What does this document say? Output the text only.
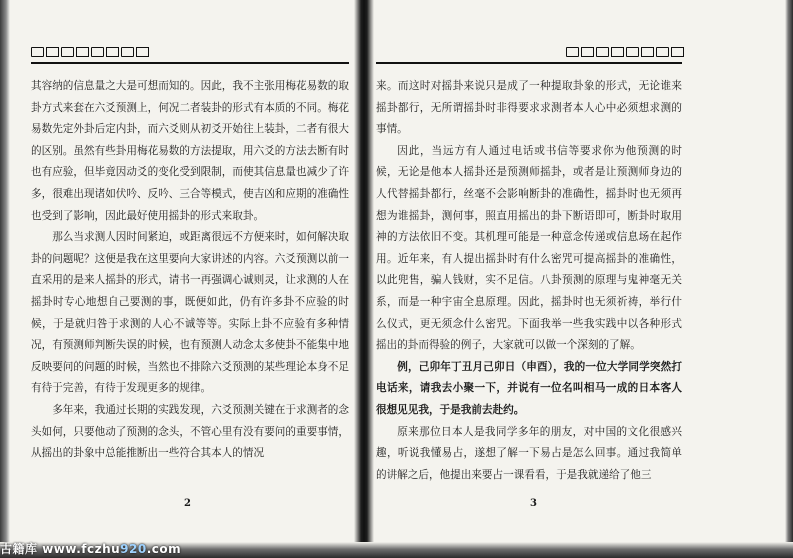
其容纳的信息量之大是可想而知的。因此，我不主张用梅花易数的取卦方式来套在六爻预测上，何况二者装卦的形式有本质的不同。梅花易数先定外卦后定内卦，而六爻则从初爻开始往上装卦，二者有很大的区别。虽然有些卦用梅花易数的方法提取，用六爻的方法去断有时也有应验，但毕竟因动爻的变化受到限制，而使其信息量也减少了许多，很难出现诸如伏吟、反吟、三合等模式，使吉凶和应期的准确性也受到了影响，因此最好使用摇卦的形式来取卦。

那么当求测人因时间紧迫，或距离很远不方便来时，如何解决取卦的问题呢？这便是我在这里要向大家讲述的内容。六爻预测以前一直采用的是来人摇卦的形式，请书一再强调心诚则灵，让求测的人在摇卦时专心地想自己要测的事，既便如此，仍有许多卦不应验的时候，于是就归咎于求测的人心不诚等等。实际上卦不应验有多种情况，有预测师判断失误的时候，也有预测人动念太多使卦不能集中地反映要问的问题的时候，当然也不排除六爻预测的某些理论本身不足有待于完善，有待于发现更多的规律。

多年来，我通过长期的实践发现，六爻预测关键在于求测者的念头如何，只要他动了预测的念头，不管心里有没有要问的重要事情，从摇出的卦象中总能推断出一些符合其本人的情况

2

来。而这时对摇卦来说只是成了一种提取卦象的形式，无论谁来摇卦都行，无所谓摇卦时非得要求求测者本人心中必须想求测的事情。

因此，当远方有人通过电话或书信等要求你为他预测的时候，无论是他本人摇卦还是预测师摇卦，或者是让预测师身边的人代替摇卦都行，丝毫不会影响断卦的准确性，摇卦时也无须再想为谁摇卦，测何事，照直用摇出的卦下断语即可，断卦时取用神的方法依旧不变。其机理可能是一种意念传递或信息场在起作用。近年来，有人提出摇卦时有什么密咒可提高摇卦的准确性，以此兜售，骗人钱财，实不足信。八卦预测的原理与鬼神毫无关系，而是一种宇宙全息原理。因此，摇卦时也无须祈祷，举行什么仪式，更无须念什么密咒。下面我举一些我实践中以各种形式摇出的卦而得验的例子，大家就可以做一个深刻的了解。

例，己卯年丁丑月己卯日（申酉），我的一位大学同学突然打电话来，请我去小聚一下，并说有一位名叫相马一成的日本客人很想见见我，于是我前去赴约。

原来那位日本人是我同学多年的朋友，对中国的文化很感兴趣，听说我懂易占，遂想了解一下易占是怎么回事。通过我简单的讲解之后，他提出来要占一课看看，于是我就递给了他三

3
古籍库 www.fczhu920.com
